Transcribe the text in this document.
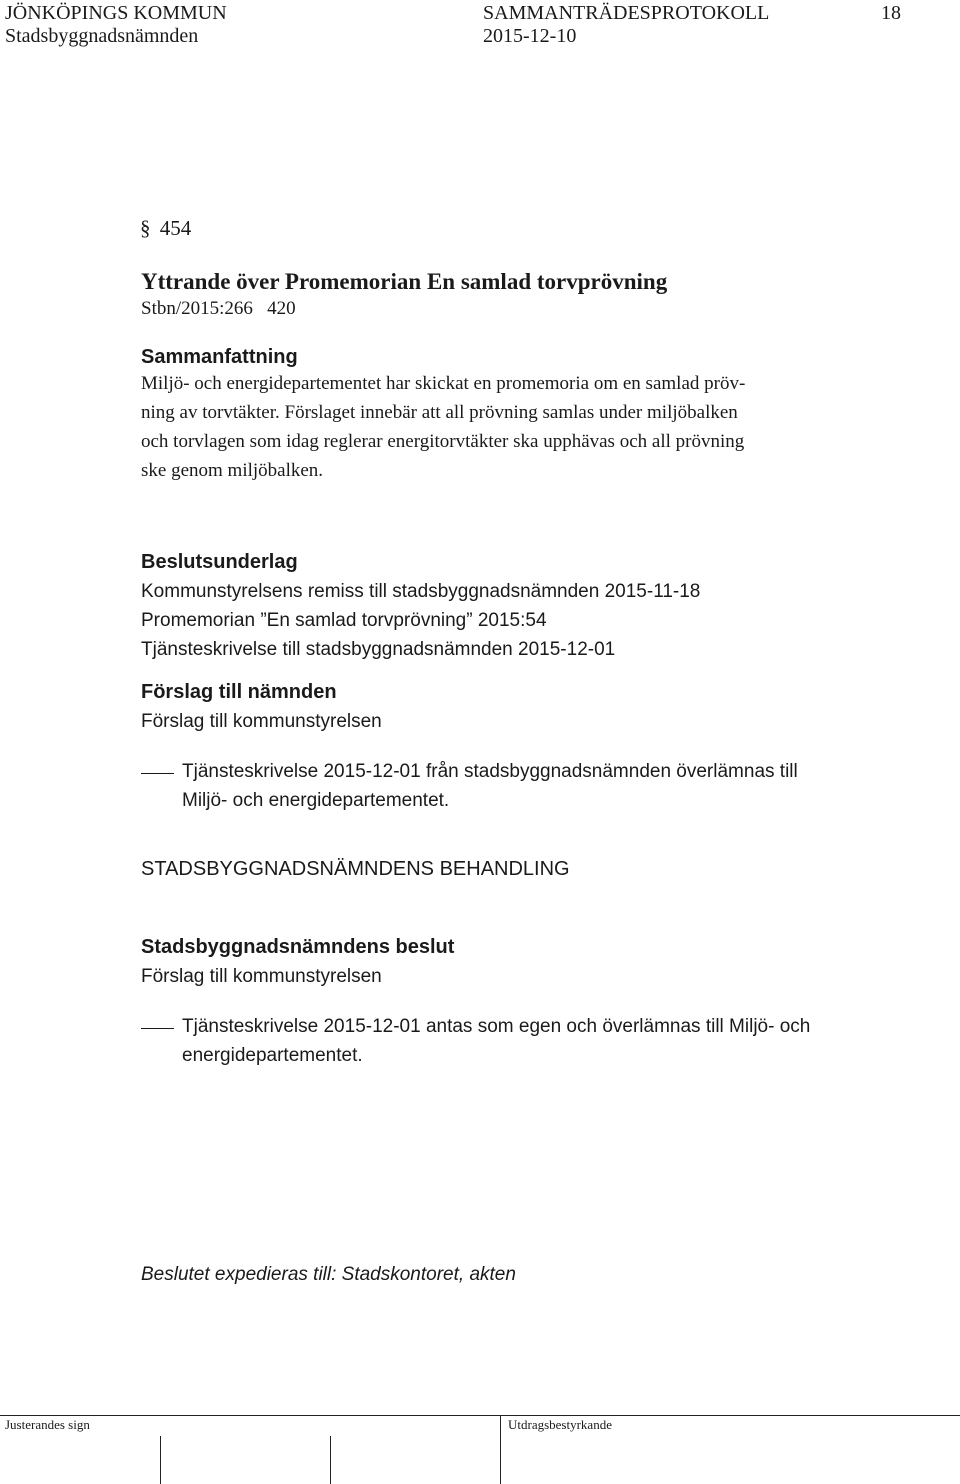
JÖNKÖPINGS KOMMUN	SAMMANTRÄDESPROTOKOLL	18
Stadsbyggnadsnämnden	2015-12-10
§ 454
Yttrande över Promemorian En samlad torvprövning
Stbn/2015:266   420
Sammanfattning
Miljö- och energidepartementet har skickat en promemoria om en samlad pröv-
ning av torvtäkter. Förslaget innebär att all prövning samlas under miljöbalken
och torvlagen som idag reglerar energitorvtäkter ska upphävas och all prövning
ske genom miljöbalken.
Beslutsunderlag
Kommunstyrelsens remiss till stadsbyggnadsnämnden 2015-11-18
Promemorian ”En samlad torvprövning” 2015:54
Tjänsteskrivelse till stadsbyggnadsnämnden 2015-12-01
Förslag till nämnden
Förslag till kommunstyrelsen
Tjänsteskrivelse 2015-12-01 från stadsbyggnadsnämnden överlämnas till
Miljö- och energidepartementet.
STADSBYGGNADSNÄMNDENS BEHANDLING
Stadsbyggnadsnämndens beslut
Förslag till kommunstyrelsen
Tjänsteskrivelse 2015-12-01 antas som egen och överlämnas till Miljö- och
energidepartementet.
Beslutet expedieras till: Stadskontoret, akten
Justerandes sign	Utdragsbestyrkande
